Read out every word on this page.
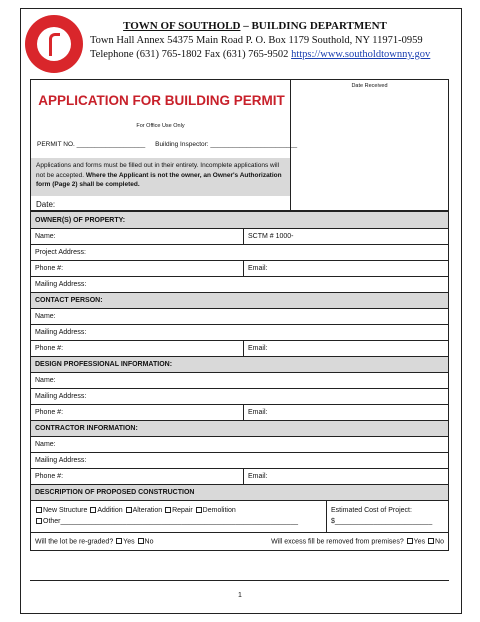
TOWN OF SOUTHOLD – BUILDING DEPARTMENT
Town Hall Annex 54375 Main Road P. O. Box 1179 Southold, NY 11971-0959
Telephone (631) 765-1802 Fax (631) 765-9502 https://www.southoldtownny.gov
APPLICATION FOR BUILDING PERMIT
For Office Use Only
PERMIT NO. ___________________ Building Inspector: ________________________
Applications and forms must be filled out in their entirety. Incomplete applications will not be accepted. Where the Applicant is not the owner, an Owner's Authorization form (Page 2) shall be completed.
Date:
Date Received
OWNER(S) OF PROPERTY:
Name:	SCTM # 1000-
Project Address:
Phone #:	Email:
Mailing Address:
CONTACT PERSON:
Name:
Mailing Address:
Phone #:	Email:
DESIGN PROFESSIONAL INFORMATION:
Name:
Mailing Address:
Phone #:	Email:
CONTRACTOR INFORMATION:
Name:
Mailing Address:
Phone #:	Email:
DESCRIPTION OF PROPOSED CONSTRUCTION
New Structure Addition Alteration Repair Demolition
Other_____________________________________________________________
Estimated Cost of Project:
$_________________________
Will the lot be re-graded? Yes No	Will excess fill be removed from premises? Yes No
1
